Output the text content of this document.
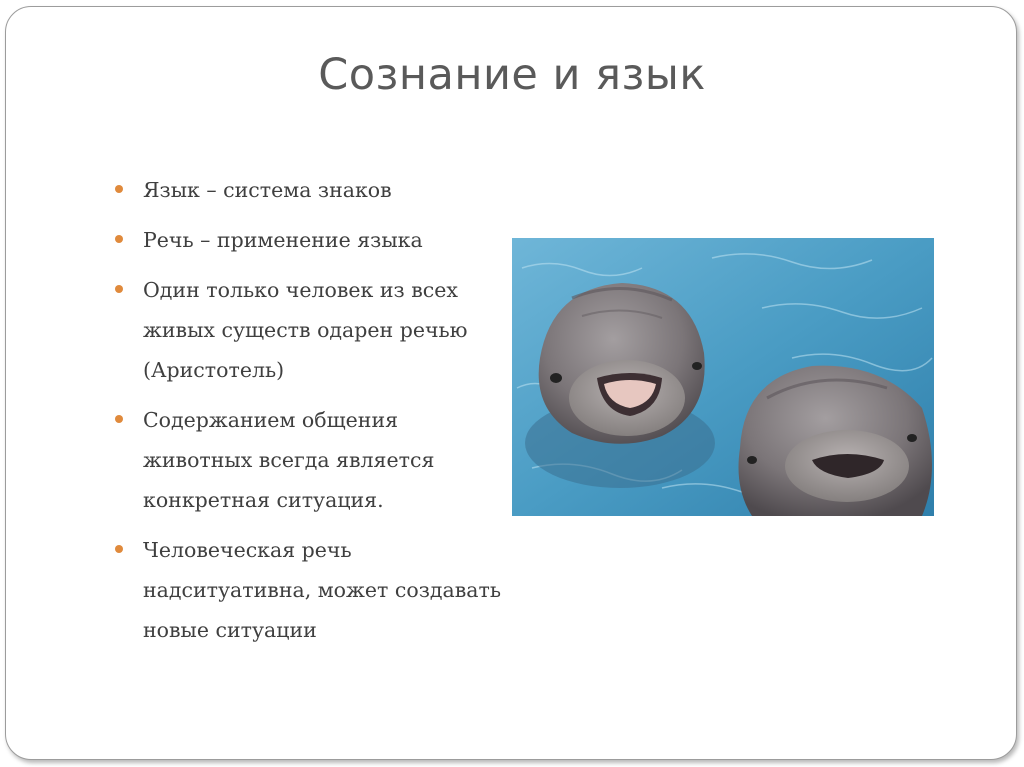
Сознание и язык
Язык – система знаков
Речь – применение языка
Один только человек из всех живых существ одарен речью (Аристотель)
Содержанием общения животных всегда является конкретная ситуация.
Человеческая речь надситуативна, может создавать новые ситуации
